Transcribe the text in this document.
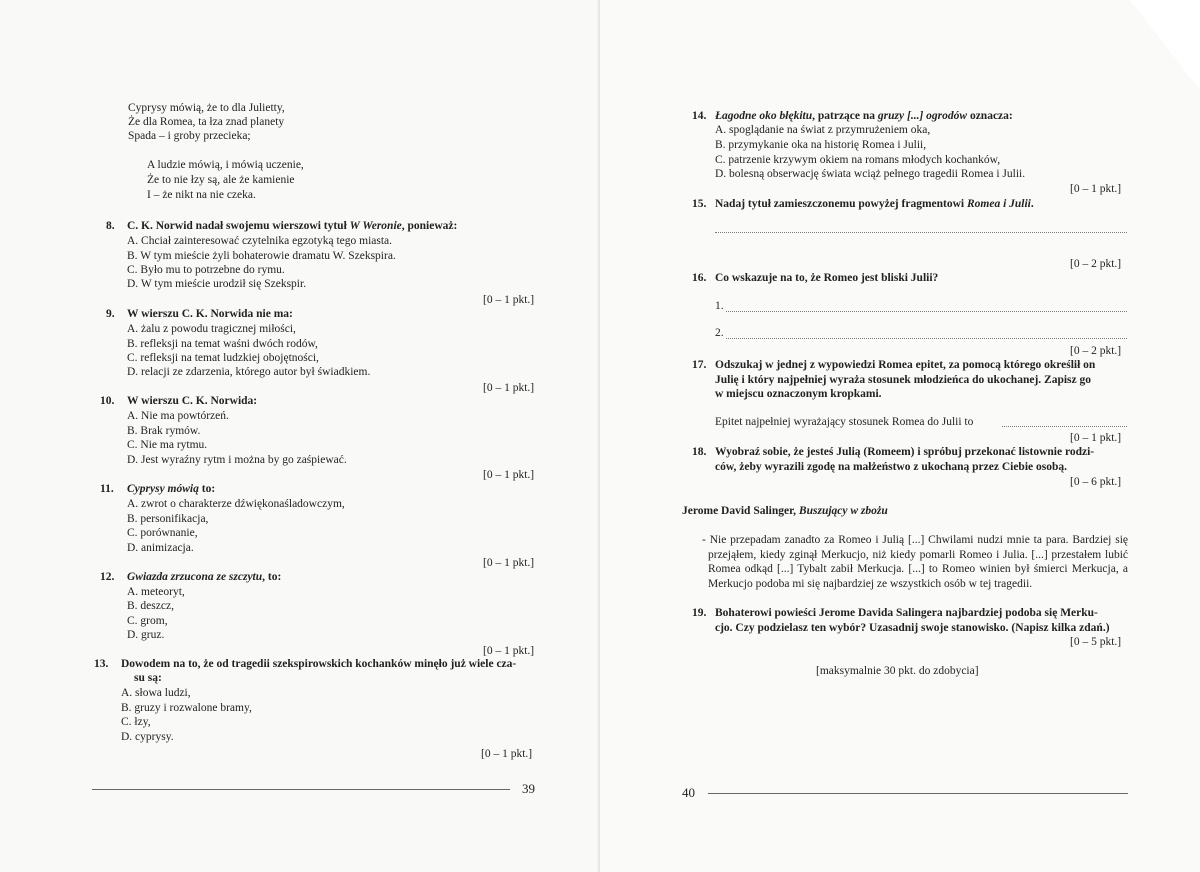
Cyprysy mówią, że to dla Julietty,
Że dla Romea, ta łza znad planety
Spada – i groby przecieka;
A ludzie mówią, i mówią uczenie,
Że to nie łzy są, ale że kamienie
I – że nikt na nie czeka.
8. C. K. Norwid nadał swojemu wierszowi tytuł W Weronie, ponieważ:
A. Chciał zainteresować czytelnika egzotyką tego miasta.
B. W tym mieście żyli bohaterowie dramatu W. Szekspira.
C. Było mu to potrzebne do rymu.
D. W tym mieście urodził się Szekspir.
[0 – 1 pkt.]
9. W wierszu C. K. Norwida nie ma:
A. żalu z powodu tragicznej miłości,
B. refleksji na temat waśni dwóch rodów,
C. refleksji na temat ludzkiej obojętności,
D. relacji ze zdarzenia, którego autor był świadkiem.
[0 – 1 pkt.]
10. W wierszu C. K. Norwida:
A. Nie ma powtórzeń.
B. Brak rymów.
C. Nie ma rytmu.
D. Jest wyraźny rytm i można by go zaśpiewać.
[0 – 1 pkt.]
11. Cyprysy mówią to:
A. zwrot o charakterze dźwiękonaśladowczym,
B. personifikacja,
C. porównanie,
D. animizacja.
[0 – 1 pkt.]
12. Gwiazda zrzucona ze szczytu, to:
A. meteoryt,
B. deszcz,
C. grom,
D. gruz.
[0 – 1 pkt.]
13. Dowodem na to, że od tragedii szekspirowskich kochanków minęło już wiele cza-
su są:
A. słowa ludzi,
B. gruzy i rozwalone bramy,
C. łzy,
D. cyprysy.
[0 – 1 pkt.]
39
14. Łagodne oko błękitu, patrzące na gruzy [...] ogrodów oznacza:
A. spoglądanie na świat z przymrużeniem oka,
B. przymykanie oka na historię Romea i Julii,
C. patrzenie krzywym okiem na romans młodych kochanków,
D. bolesną obserwację świata wciąż pełnego tragedii Romea i Julii.
[0 – 1 pkt.]
15. Nadaj tytuł zamieszczonemu powyżej fragmentowi Romea i Julii.
[0 – 2 pkt.]
16. Co wskazuje na to, że Romeo jest bliski Julii?
1.
2.
[0 – 2 pkt.]
17. Odszukaj w jednej z wypowiedzi Romea epitet, za pomocą którego określił on
Julię i który najpełniej wyraża stosunek młodzieńca do ukochanej. Zapisz go
w miejscu oznaczonym kropkami.
Epitet najpełniej wyrażający stosunek Romea do Julii to
[0 – 1 pkt.]
18. Wyobraź sobie, że jesteś Julią (Romeem) i spróbuj przekonać listownie rodzi-
ców, żeby wyrazili zgodę na małżeństwo z ukochaną przez Ciebie osobą.
[0 – 6 pkt.]
Jerome David Salinger, Buszujący w zbożu

- Nie przepadam zanadto za Romeo i Julią [...] Chwilami nudzi mnie ta para. Bardziej się przejąłem, kiedy zginął Merkucjo, niż kiedy pomarli Romeo i Julia. [...] przestałem lubić Romea odkąd [...] Tybalt zabił Merkucja. [...] to Romeo winien był śmierci Merkucja, a Merkucjo podoba mi się najbardziej ze wszystkich osób w tej tragedii.

19. Bohaterowi powieści Jerome Davida Salingera najbardziej podoba się Merku-
cjo. Czy podzielasz ten wybór? Uzasadnij swoje stanowisko. (Napisz kilka zdań.)
[0 – 5 pkt.]
[maksymalnie 30 pkt. do zdobycia]
40
